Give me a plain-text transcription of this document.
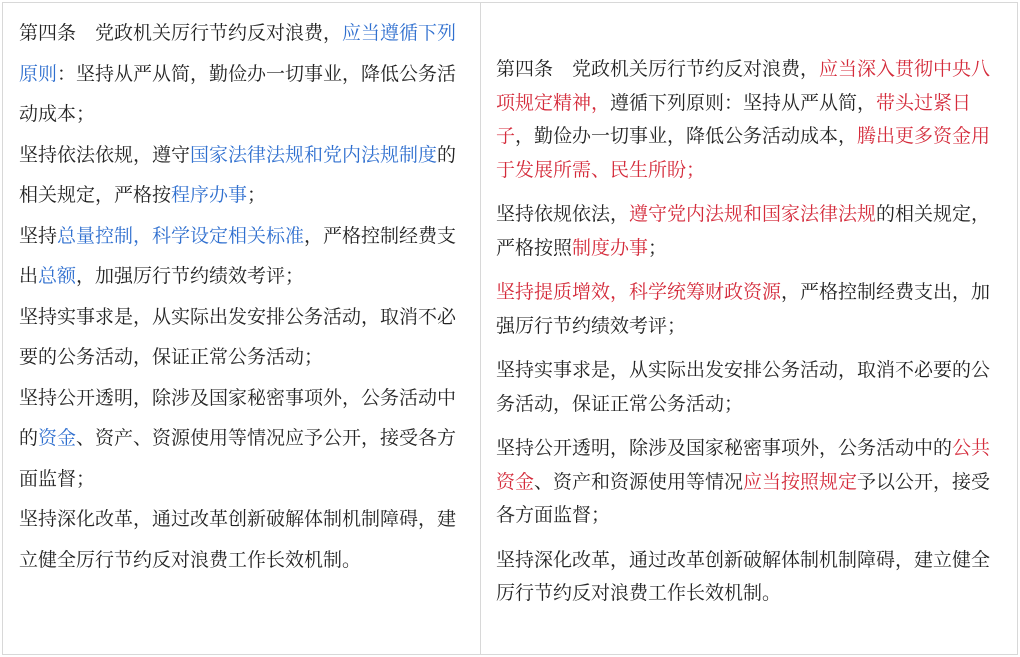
第四条　党政机关厉行节约反对浪费，应当遵循下列原则：坚持从严从简，勤俭办一切事业，降低公务活动成本；

坚持依法依规，遵守国家法律法规和党内法规制度的相关规定，严格按程序办事；

坚持总量控制，科学设定相关标准，严格控制经费支出总额，加强厉行节约绩效考评；

坚持实事求是，从实际出发安排公务活动，取消不必要的公务活动，保证正常公务活动；

坚持公开透明，除涉及国家秘密事项外，公务活动中的资金、资产、资源使用等情况应予公开，接受各方面监督；

坚持深化改革，通过改革创新破解体制机制障碍，建立健全厉行节约反对浪费工作长效机制。

第四条　党政机关厉行节约反对浪费，应当深入贯彻中央八项规定精神，遵循下列原则：坚持从严从简，带头过紧日子，勤俭办一切事业，降低公务活动成本，腾出更多资金用于发展所需、民生所盼；

坚持依规依法，遵守党内法规和国家法律法规的相关规定，严格按照制度办事；

坚持提质增效，科学统筹财政资源，严格控制经费支出，加强厉行节约绩效考评；

坚持实事求是，从实际出发安排公务活动，取消不必要的公务活动，保证正常公务活动；

坚持公开透明，除涉及国家秘密事项外，公务活动中的公共资金、资产和资源使用等情况应当按照规定予以公开，接受各方面监督；

坚持深化改革，通过改革创新破解体制机制障碍，建立健全厉行节约反对浪费工作长效机制。
